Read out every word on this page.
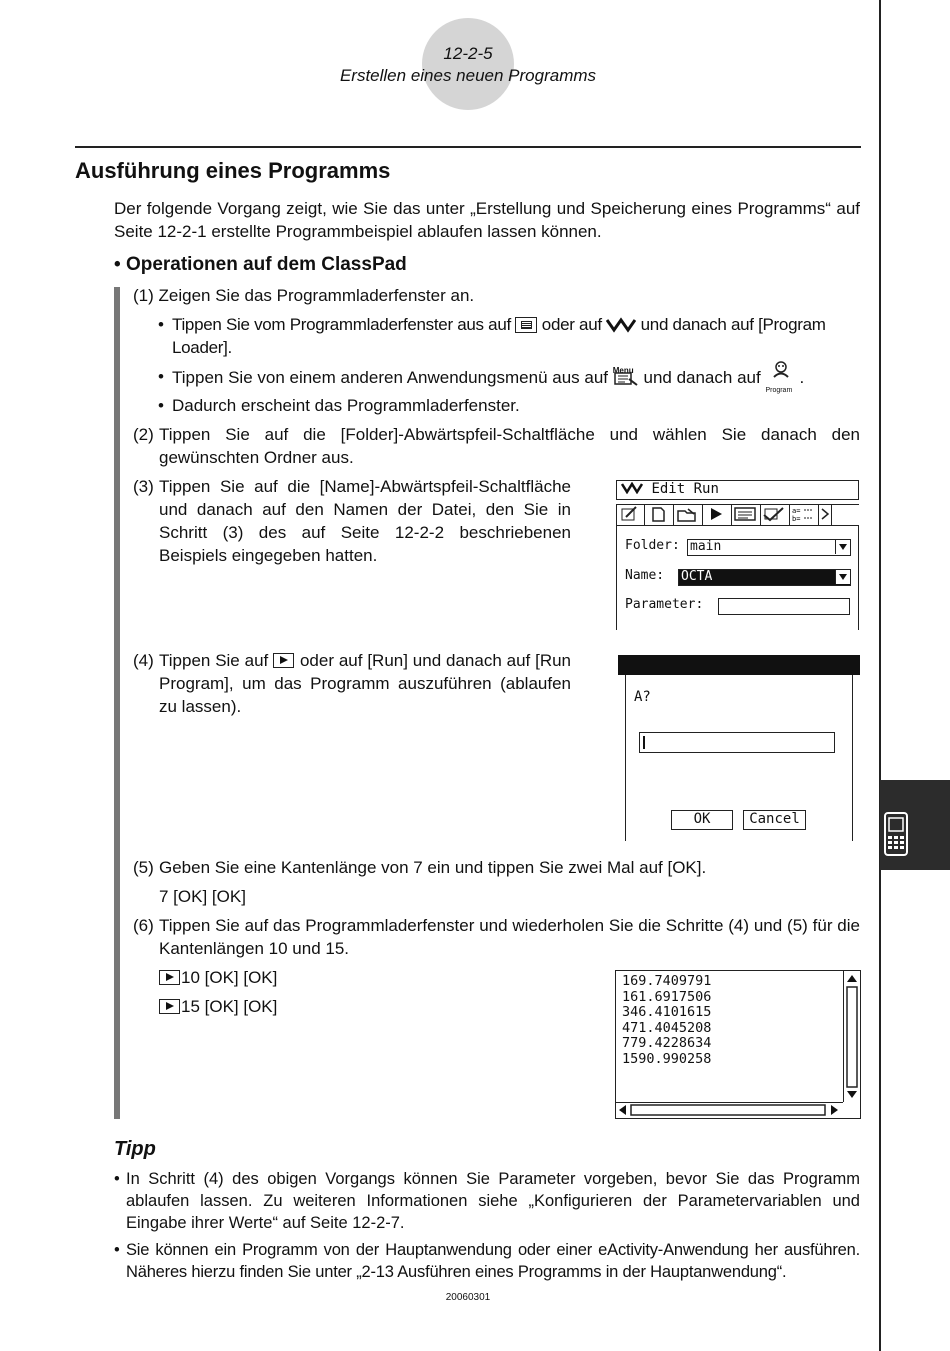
12-2-5
Erstellen eines neuen Programms
Ausführung eines Programms
Der folgende Vorgang zeigt, wie Sie das unter „Erstellung und Speicherung eines Programms“ auf Seite 12-2-1 erstellte Programmbeispiel ablaufen lassen können.
• Operationen auf dem ClassPad
(1) Zeigen Sie das Programmladerfenster an.
• Tippen Sie vom Programmladerfenster aus auf oder auf und danach auf [Program Loader].
• Tippen Sie von einem anderen Anwendungsmenü aus auf Menu und danach auf
Program
.
• Dadurch erscheint das Programmladerfenster.
(2) Tippen Sie auf die [Folder]-Abwärtspfeil-Schaltfläche und wählen Sie danach den gewünschten Ordner aus.
(3) Tippen Sie auf die [Name]-Abwärtspfeil-Schaltfläche und danach auf den Namen der Datei, den Sie in Schritt (3) des auf Seite 12-2-2 beschriebenen Beispiels eingegeben hatten.
Edit Run
a=
b=
Folder: main
Name: OCTA
Parameter:
(4) Tippen Sie auf oder auf [Run] und danach auf [Run Program], um das Programm auszuführen (ablaufen zu lassen).	A?
OK	Cancel
(5) Geben Sie eine Kantenlänge von 7 ein und tippen Sie zwei Mal auf [OK].
7 [OK] [OK]
(6) Tippen Sie auf das Programmladerfenster und wiederholen Sie die Schritte (4) und (5) für die Kantenlängen 10 und 15.
10 [OK] [OK]
15 [OK] [OK]
169.7409791
161.6917506
346.4101615
471.4045208
779.4228634
1590.990258
Tipp
• In Schritt (4) des obigen Vorgangs können Sie Parameter vorgeben, bevor Sie das Programm ablaufen lassen. Zu weiteren Informationen siehe „Konfigurieren der Parametervariablen und Eingabe ihrer Werte“ auf Seite 12-2-7.
• Sie können ein Programm von der Hauptanwendung oder einer eActivity-Anwendung her ausführen. Näheres hierzu finden Sie unter „2-13 Ausführen eines Programms in der Hauptanwendung“.
20060301
